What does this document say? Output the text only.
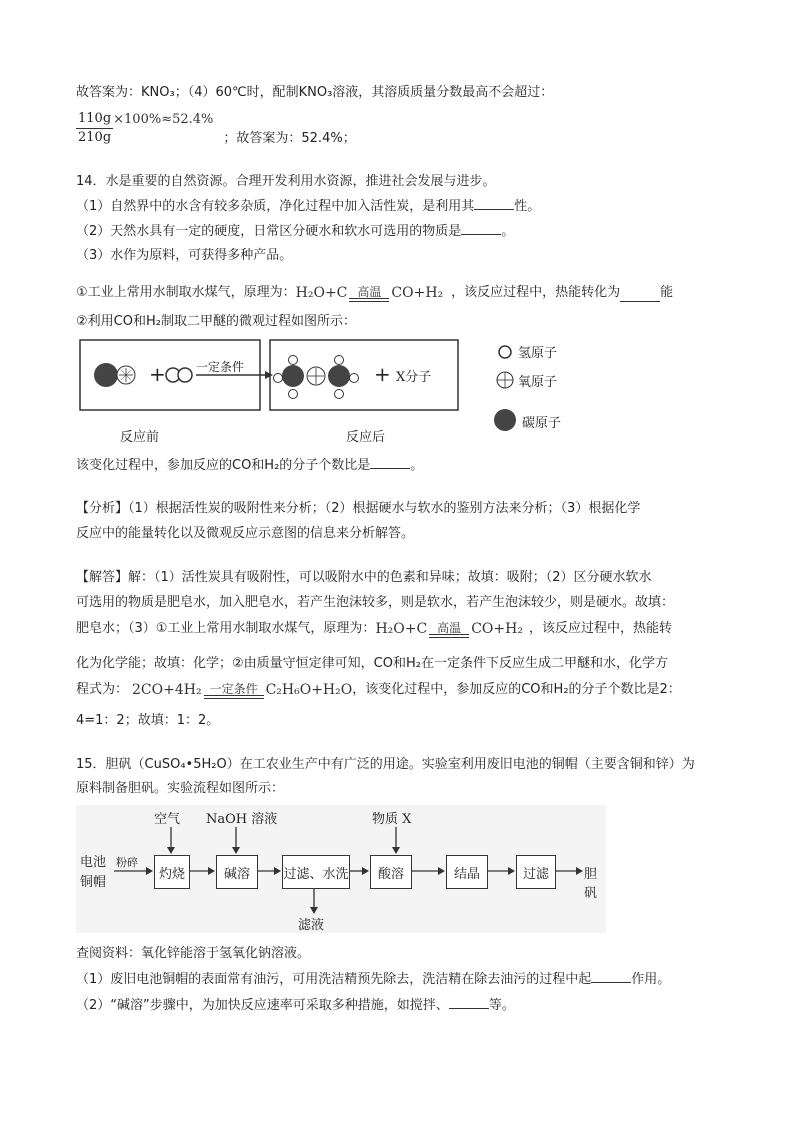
故答案为：KNO₃；（4）60℃时，配制KNO₃溶液，其溶质质量分数最高不会超过：
$\frac{110g}{210g} \times 100\%\approx 52.4\%$
；故答案为：52.4%；
14．水是重要的自然资源。合理开发利用水资源，推进社会发展与进步。
（1）自然界中的水含有较多杂质，净化过程中加入活性炭，是利用其	性。
（2）天然水具有一定的硬度，日常区分硬水和软水可选用的物质是	。
（3）水作为原料，可获得多种产品。
①工业上常用水制取水煤气，原理为： H₂O+C 高温 CO+H₂ ，该反应过程中，热能转化为	能
②利用CO和H₂制取二甲醚的微观过程如图所示：
一定条件
+	+ X分子
反应前	反应后
氢原子
氧原子
碳原子
该变化过程中，参加反应的CO和H₂的分子个数比是	。
【分析】（1）根据活性炭的吸附性来分析；（2）根据硬水与软水的鉴别方法来分析；（3）根据化学
反应中的能量转化以及微观反应示意图的信息来分析解答。
【解答】解：（1）活性炭具有吸附性，可以吸附水中的色素和异味；故填：吸附；（2）区分硬水软水
可选用的物质是肥皂水，加入肥皂水，若产生泡沫较多，则是软水，若产生泡沫较少，则是硬水。故填：
肥皂水；（3）①工业上常用水制取水煤气，原理为： H₂O+C 高温 CO+H₂ ，该反应过程中，热能转
化为化学能；故填：化学；②由质量守恒定律可知，CO和H₂在一定条件下反应生成二甲醚和水，化学方
程式为： 2CO+4H₂ 一定条件 C₂H₆O+H₂O ，该变化过程中，参加反应的CO和H₂的分子个数比是2：
4=1：2；故填：1：2。
15．胆矾（CuSO₄•5H₂O）在工农业生产中有广泛的用途。实验室利用废旧电池的铜帽（主要含铜和锌）为
原料制备胆矾。实验流程如图所示：
电池
铜帽
粉碎
空气 NaOH 溶液	物质 X
灼烧	碱溶	过滤、水洗	酸溶	结晶	过滤
滤液
胆矾
查阅资料：氧化锌能溶于氢氧化钠溶液。
（1）废旧电池铜帽的表面常有油污，可用洗洁精预先除去，洗洁精在除去油污的过程中起	作用。
（2）“碱溶”步骤中，为加快反应速率可采取多种措施，如搅拌、	等。
